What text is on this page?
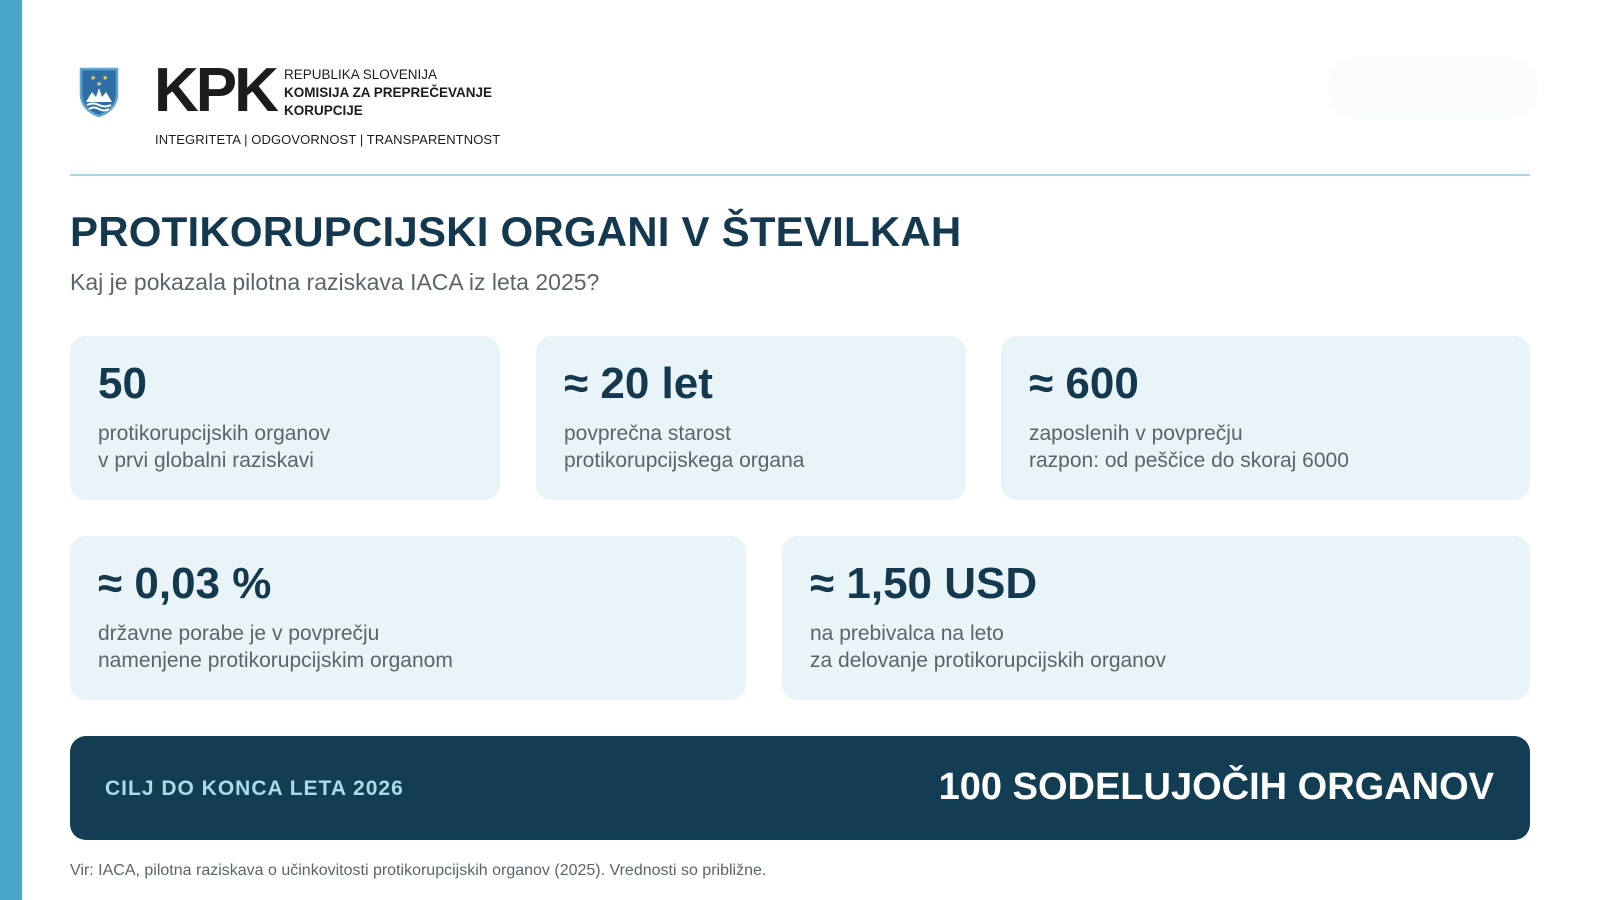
★ ★
★ KPK REPUBLIKA SLOVENIJA
KOMISIJA ZA PREPREČEVANJE
KORUPCIJE
INTEGRITETA | ODGOVORNOST | TRANSPARENTNOST
PROTIKORUPCIJSKI ORGANI V ŠTEVILKAH
Kaj je pokazala pilotna raziskava IACA iz leta 2025?
50
protikorupcijskih organov
v prvi globalni raziskavi
≈ 20 let
povprečna starost
protikorupcijskega organa
≈ 600
zaposlenih v povprečju
razpon: od peščice do skoraj 6000
≈ 0,03 %
državne porabe je v povprečju
namenjene protikorupcijskim organom
≈ 1,50 USD
na prebivalca na leto
za delovanje protikorupcijskih organov
CILJ DO KONCA LETA 2026	100 SODELUJOČIH ORGANOV
Vir: IACA, pilotna raziskava o učinkovitosti protikorupcijskih organov (2025). Vrednosti so približne.
